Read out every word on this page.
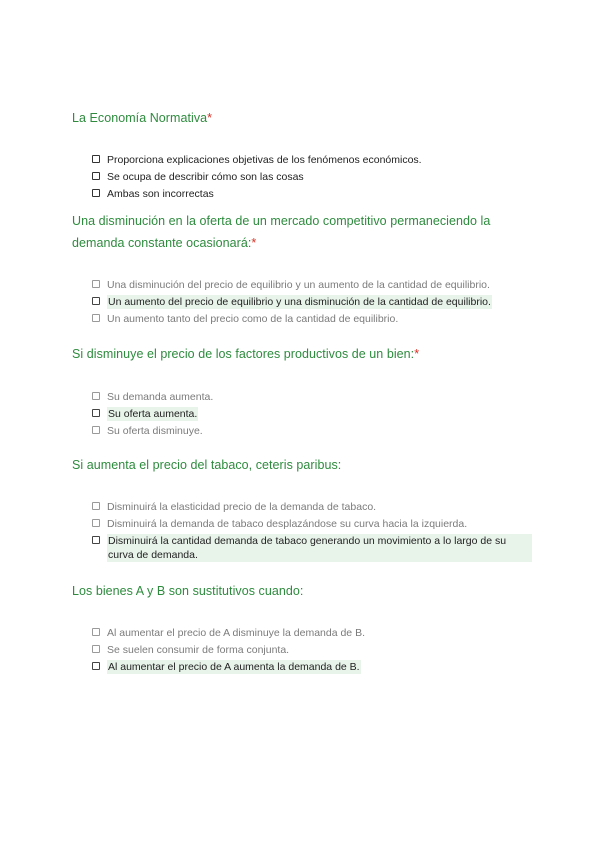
La Economía Normativa*
Proporciona explicaciones objetivas de los fenómenos económicos.
Se ocupa de describir cómo son las cosas
Ambas son incorrectas
Una disminución en la oferta de un mercado competitivo permaneciendo la demanda constante ocasionará:*
Una disminución del precio de equilibrio y un aumento de la cantidad de equilibrio.
Un aumento del precio de equilibrio y una disminución de la cantidad de equilibrio.
Un aumento tanto del precio como de la cantidad de equilibrio.
Si disminuye el precio de los factores productivos de un bien:*
Su demanda aumenta.
Su oferta aumenta.
Su oferta disminuye.
Si aumenta el precio del tabaco, ceteris paribus:
Disminuirá la elasticidad precio de la demanda de tabaco.
Disminuirá la demanda de tabaco desplazándose su curva hacia la izquierda.
Disminuirá la cantidad demanda de tabaco generando un movimiento a lo largo de su curva de demanda.
Los bienes A y B son sustitutivos cuando:
Al aumentar el precio de A disminuye la demanda de B.
Se suelen consumir de forma conjunta.
Al aumentar el precio de A aumenta la demanda de B.
